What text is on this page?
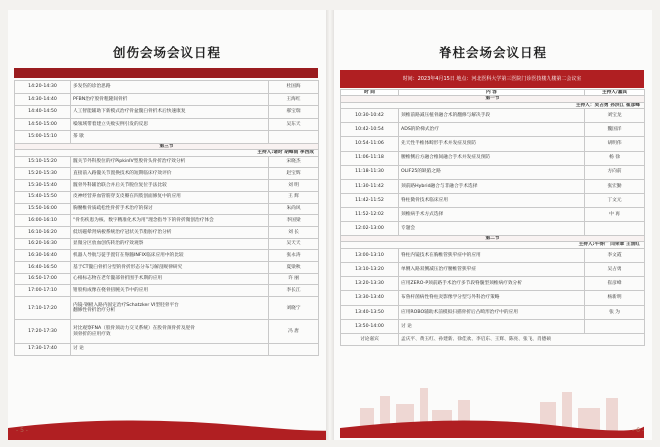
创伤会场会议日程
14:20-14:30	多发伤的诊治思路	杜国海
14:30-14:40	PFBN治疗股骨粗隆间骨折	王海红
14:40-14:50	人工智能辅助下新模式治疗骨盆髋臼骨折术后快速康复	郝宝瑞
14:50-15:00	噪领域带着建立失败实例引发的反思	吴东天
15:00-15:10	茶 歇	
第三节		
主持人:诸时 胡峰雨 李西成		
15:10-15:20	髋关节外科股位的疗PipkinIV型股骨头骨折治疗效分析	宋晓杰
15:20-15:30	直接前入路髋关节置换技术的短期临床疗效评价	赵宝辉
15:30-15:40	髋骨外科辅治联合并后关节脱位复位手法比较	刘 明
15:40-15:50	皮神经营养血管筋穿支皮瓣在四肢创面修复中的应用	王 辉
15:50-16:00	胸腰椎骨质疏松性骨折手术治疗的探讨	朱尚风
16:00-16:10	“骨伤疾患为核、数字精准化术为用”理念指导下的骨折微创治疗体会	李国梁
16:10-16:20	低切磁晕肾病板系统治疗冠状关节脂肪疗治分析	刘 长
16:20-16:30	显微分区放血创伤转治的疗效观察	吴天天
16:30-16:40	机器人导航与徒手置钉在脊髓INFIX临床应用中的比较	张永涛
16:40-16:50	基于CT髋臼骨折分型的骨折形态分布与解剖规律研究	夏梁秋
16:50-17:00	心相标志物在老年髋部骨折围手术期的应用	许 丽
17:00-17:10	钳股构成像在桡骨扭腕关节中的应用	李长江
17:10-17:20	内镜-钢板入路内固定治疗Schatzker VI型胫骨平台
翻修性骨折治疗分析	刘晓宁
17:20-17:30	对比观察FNA（股骨颈动力交叉系统）在股骨颈骨折及胫骨
颈骨折的应用疗效	冯 唐
17:30-17:40	讨 论	
- 5 -
脊柱会场会议日程
时间：2023年4月15日 地点：河北医科大学第三医院门诊医技楼九楼第二会议室
时 间	内 容	主持人/嘉宾
第一节		
主持人：吴占勇 孙洪江 崔彦峰		
10:30-10:42	颈椎前路减压植骨融合术的翻修与解决手段	刘宝龙
10:42-10:54	ADS的阶梯式治疗	魏国洋
10:54-11:06	先天性半椎体畸形手术并发症及预防	胡明伟
11:06-11:18	腰椎侧后方融合椎间融合手术并发症及预防	杨 徐
11:18-11:30	OLIF25的缺陷之路	方向前
11:30-11:42	颈前路Hybrid融合与非融合手术选择	张宏勤
11:42-11:52	脊柱微骨技术临床应用	丁文元
11:52-12:02	颈椎病手术方式选择	中 再
12:02-13:00	专题会	
第二节		
主持人:牛得广 闫荣章 王清红		
13:00-13:10	脊柱内镜技术在胸椎管狭窄症中的应用	李文霞
13:10-13:20	单侧入路双侧减压治疗腰椎管狭窄症	吴占勇
13:20-13:30	应用ZERO-P颈前路手术治疗多节段脊髓型颈椎病疗效分析	崔彦峰
13:30-13:40	布鲁杆菌病性脊柱炎影像学分型与外科治疗策略	杨新明
13:40-13:50	应用ROBO辅助术前模拟扫描骨折后凸畸形治疗中的应用	张 为
13:50-14:00	讨 论	
讨论嘉宾	孟庆平、黄玉红、孙建新、徐佳欢、李启东、王辉、陈亮、张飞、肖德硕	
- 6 -
